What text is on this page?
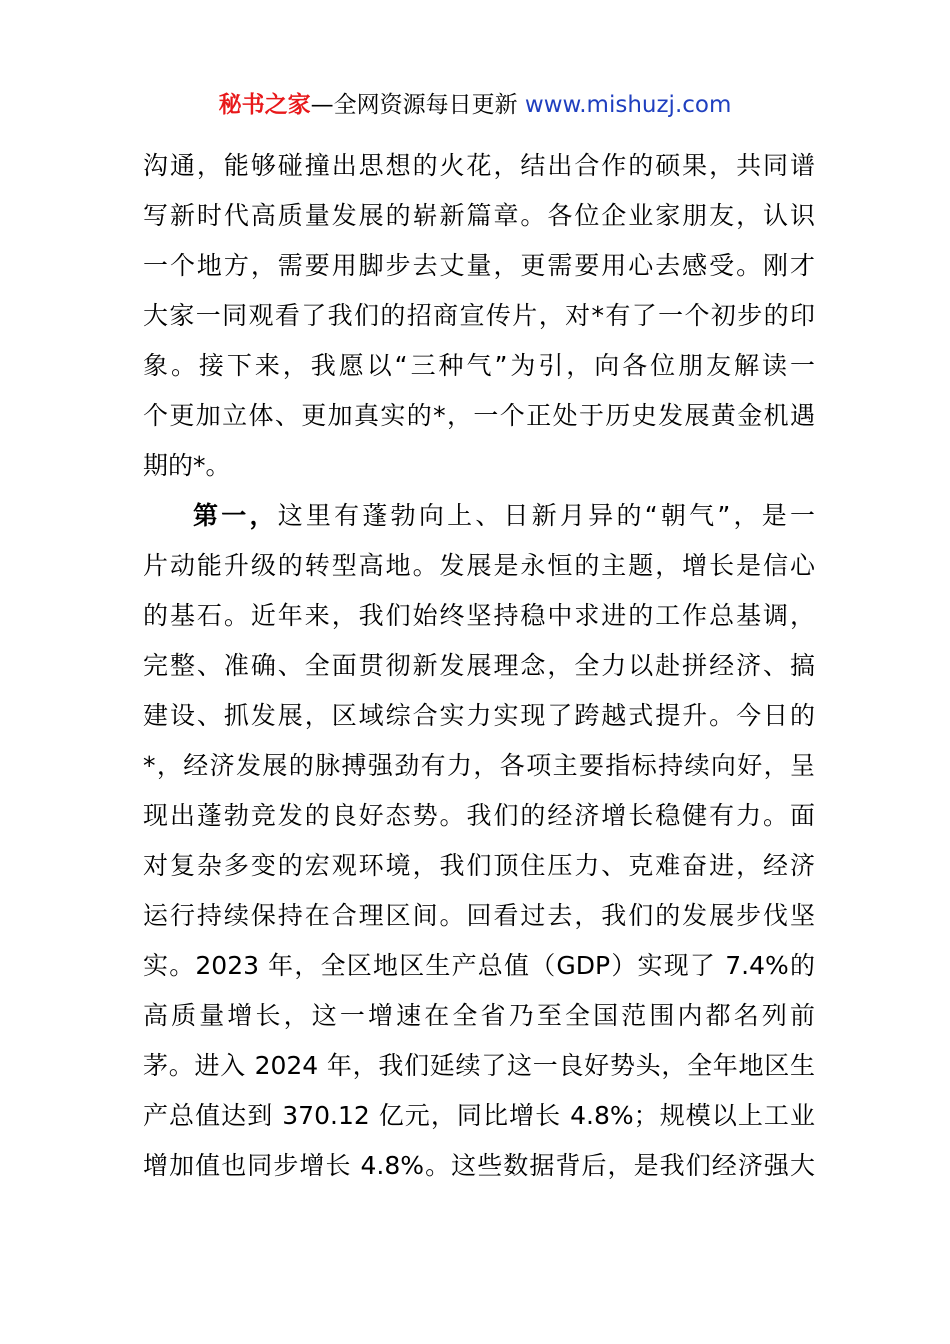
秘书之家—全网资源每日更新 www.mishuzj.com
沟通，能够碰撞出思想的火花，结出合作的硕果，共同谱
写新时代高质量发展的崭新篇章。各位企业家朋友，认识
一个地方，需要用脚步去丈量，更需要用心去感受。刚才
大家一同观看了我们的招商宣传片，对*有了一个初步的印
象。接下来，我愿以“三种气”为引，向各位朋友解读一
个更加立体、更加真实的*，一个正处于历史发展黄金机遇
期的*。
第一，这里有蓬勃向上、日新月异的“朝气”，是一
片动能升级的转型高地。发展是永恒的主题，增长是信心
的基石。近年来，我们始终坚持稳中求进的工作总基调，
完整、准确、全面贯彻新发展理念，全力以赴拼经济、搞
建设、抓发展，区域综合实力实现了跨越式提升。今日的
*，经济发展的脉搏强劲有力，各项主要指标持续向好，呈
现出蓬勃竞发的良好态势。我们的经济增长稳健有力。面
对复杂多变的宏观环境，我们顶住压力、克难奋进，经济
运行持续保持在合理区间。回看过去，我们的发展步伐坚
实。2023 年，全区地区生产总值（GDP）实现了 7.4%的
高质量增长，这一增速在全省乃至全国范围内都名列前
茅。进入 2024 年，我们延续了这一良好势头，全年地区生
产总值达到 370.12 亿元，同比增长 4.8%；规模以上工业
增加值也同步增长 4.8%。这些数据背后，是我们经济强大
